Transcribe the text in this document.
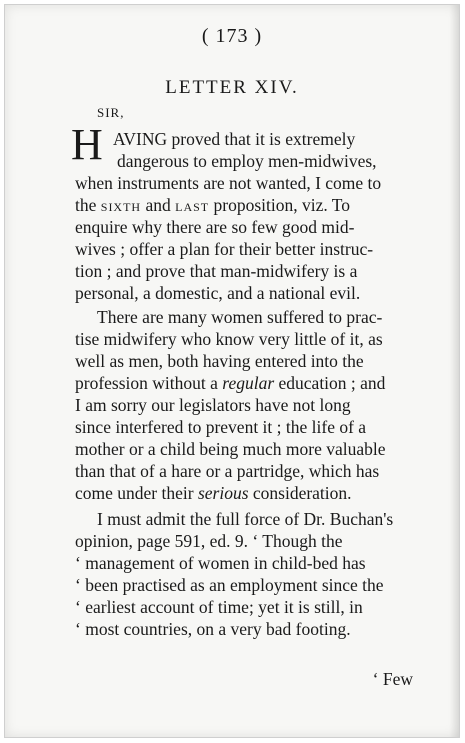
( 173 )
LETTER XIV.
SIR,
H AVING proved that it is extremely
dangerous to employ men-midwives,
when instruments are not wanted, I come to
the SIXTH and LAST proposition, viz. To
enquire why there are so few good mid-
wives ; offer a plan for their better instruc-
tion ; and prove that man-midwifery is a
personal, a domestic, and a national evil.
There are many women suffered to prac-
tise midwifery who know very little of it, as
well as men, both having entered into the
profession without a regular education ; and
I am sorry our legislators have not long
since interfered to prevent it ; the life of a
mother or a child being much more valuable
than that of a hare or a partridge, which has
come under their serious consideration.
I must admit the full force of Dr. Buchan's
opinion, page 591, ed. 9. ‘ Though the
‘ management of women in child-bed has
‘ been practised as an employment since the
‘ earliest account of time; yet it is still, in
‘ most countries, on a very bad footing.
‘ Few
